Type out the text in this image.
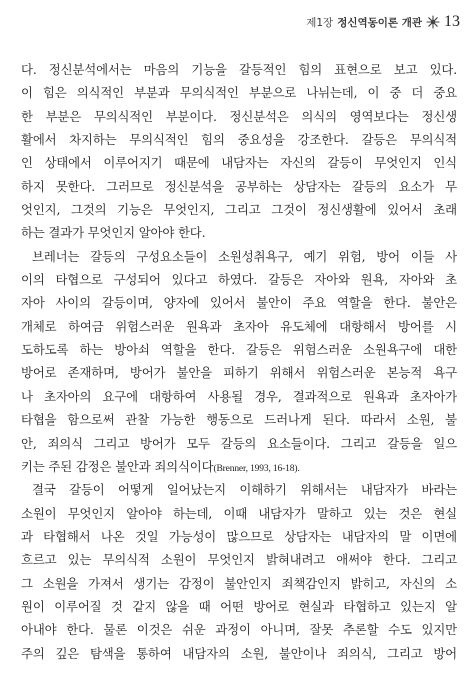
제1장 정신역동이론 개관 13
다. 정신분석에서는 마음의 기능을 갈등적인 힘의 표현으로 보고 있다.
이 힘은 의식적인 부분과 무의식적인 부분으로 나뉘는데, 이 중 더 중요
한 부분은 무의식적인 부분이다. 정신분석은 의식의 영역보다는 정신생
활에서 차지하는 무의식적인 힘의 중요성을 강조한다. 갈등은 무의식적
인 상태에서 이루어지기 때문에 내담자는 자신의 갈등이 무엇인지 인식
하지 못한다. 그러므로 정신분석을 공부하는 상담자는 갈등의 요소가 무
엇인지, 그것의 기능은 무엇인지, 그리고 그것이 정신생활에 있어서 초래
하는 결과가 무엇인지 알아야 한다.
브레너는 갈등의 구성요소들이 소원성취욕구, 예기 위험, 방어 이들 사
이의 타협으로 구성되어 있다고 하였다. 갈등은 자아와 원욕, 자아와 초
자아 사이의 갈등이며, 양자에 있어서 불안이 주요 역할을 한다. 불안은
개체로 하여금 위험스러운 원욕과 초자아 유도체에 대항해서 방어를 시
도하도록 하는 방아쇠 역할을 한다. 갈등은 위험스러운 소원욕구에 대한
방어로 존재하며, 방어가 불안을 피하기 위해서 위험스러운 본능적 욕구
나 초자아의 요구에 대항하여 사용될 경우, 결과적으로 원욕과 초자아가
타협을 함으로써 관찰 가능한 행동으로 드러나게 된다. 따라서 소원, 불
안, 죄의식 그리고 방어가 모두 갈등의 요소들이다. 그리고 갈등을 일으
키는 주된 감정은 불안과 죄의식이다(Brenner, 1993, 16-18).
결국 갈등이 어떻게 일어났는지 이해하기 위해서는 내담자가 바라는
소원이 무엇인지 알아야 하는데, 이때 내담자가 말하고 있는 것은 현실
과 타협해서 나온 것일 가능성이 많으므로 상담자는 내담자의 말 이면에
흐르고 있는 무의식적 소원이 무엇인지 밝혀내려고 애써야 한다. 그리고
그 소원을 가져서 생기는 감정이 불안인지 죄책감인지 밝히고, 자신의 소
원이 이루어질 것 같지 않을 때 어떤 방어로 현실과 타협하고 있는지 알
아내야 한다. 물론 이것은 쉬운 과정이 아니며, 잘못 추론할 수도 있지만
주의 깊은 탐색을 통하여 내담자의 소원, 불안이나 죄의식, 그리고 방어
